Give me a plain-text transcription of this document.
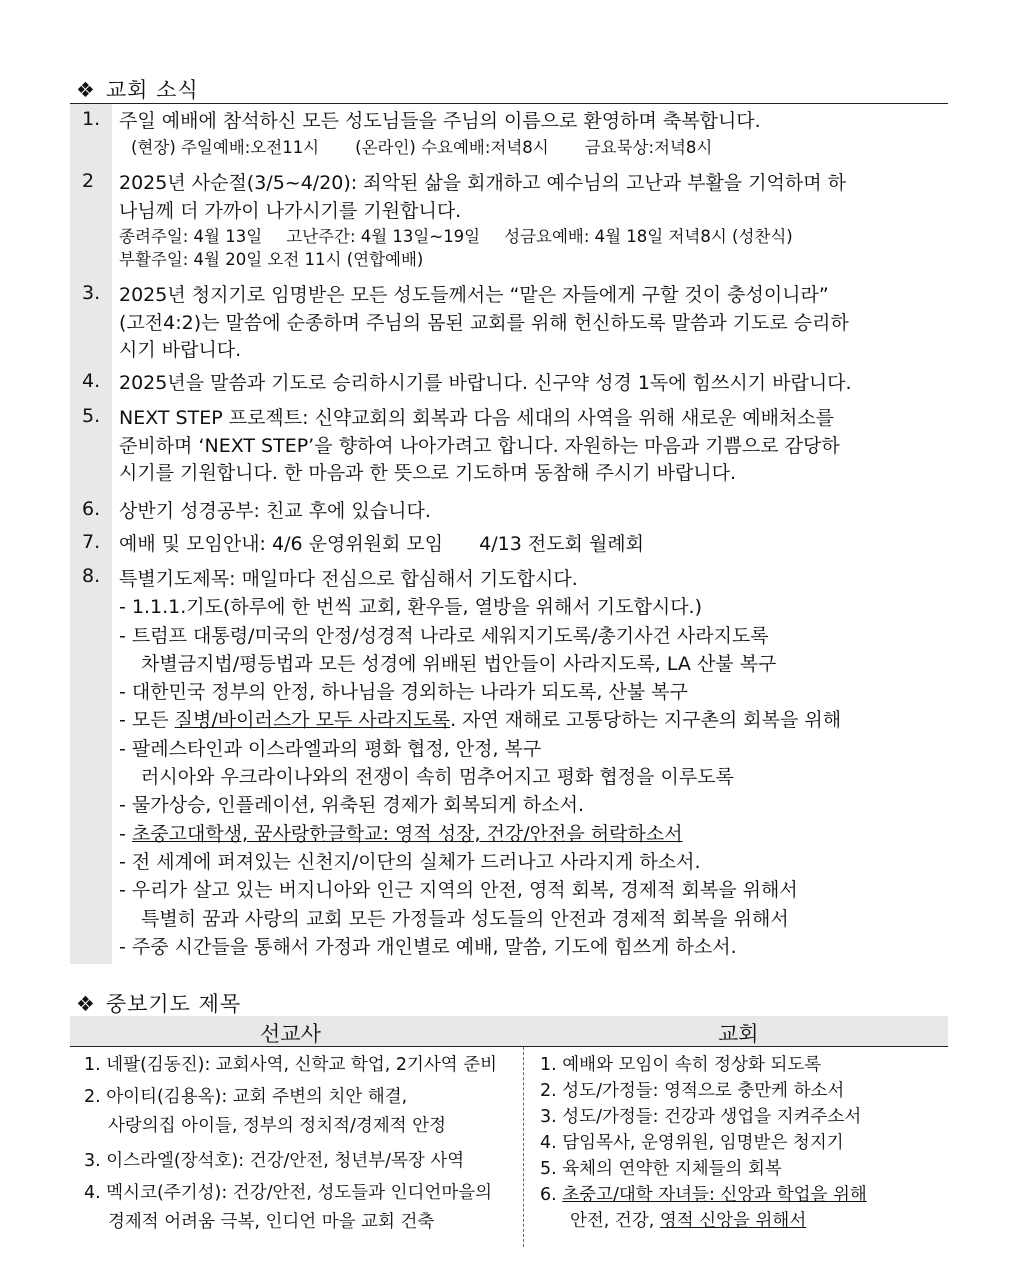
❖ 교회 소식
1. 주일 예배에 참석하신 모든 성도님들을 주님의 이름으로 환영하며 축복합니다.
(현장) 주일예배:오전11시 (온라인) 수요예배:저녁8시 금요묵상:저녁8시
2 2025년 사순절(3/5~4/20): 죄악된 삶을 회개하고 예수님의 고난과 부활을 기억하며 하
나님께 더 가까이 나가시기를 기원합니다.
종려주일: 4월 13일 고난주간: 4월 13일~19일 성금요예배: 4월 18일 저녁8시 (성찬식)
부활주일: 4월 20일 오전 11시 (연합예배)
3. 2025년 청지기로 임명받은 모든 성도들께서는 “맡은 자들에게 구할 것이 충성이니라”
(고전4:2)는 말씀에 순종하며 주님의 몸된 교회를 위해 헌신하도록 말씀과 기도로 승리하
시기 바랍니다.
4. 2025년을 말씀과 기도로 승리하시기를 바랍니다. 신구약 성경 1독에 힘쓰시기 바랍니다.
5. NEXT STEP 프로젝트: 신약교회의 회복과 다음 세대의 사역을 위해 새로운 예배처소를
준비하며 ‘NEXT STEP’을 향하여 나아가려고 합니다. 자원하는 마음과 기쁨으로 감당하
시기를 기원합니다. 한 마음과 한 뜻으로 기도하며 동참해 주시기 바랍니다.
6. 상반기 성경공부: 친교 후에 있습니다.
7. 예배 및 모임안내: 4/6 운영위원회 모임 4/13 전도회 월례회
8. 특별기도제목: 매일마다 전심으로 합심해서 기도합시다.
- 1.1.1.기도(하루에 한 번씩 교회, 환우들, 열방을 위해서 기도합시다.)
- 트럼프 대통령/미국의 안정/성경적 나라로 세워지기도록/총기사건 사라지도록
차별금지법/평등법과 모든 성경에 위배된 법안들이 사라지도록, LA 산불 복구
- 대한민국 정부의 안정, 하나님을 경외하는 나라가 되도록, 산불 복구
- 모든 질병/바이러스가 모두 사라지도록. 자연 재해로 고통당하는 지구촌의 회복을 위해
- 팔레스타인과 이스라엘과의 평화 협정, 안정, 복구
러시아와 우크라이나와의 전쟁이 속히 멈추어지고 평화 협정을 이루도록
- 물가상승, 인플레이션, 위축된 경제가 회복되게 하소서.
- 초중고대학생, 꿈사랑한글학교: 영적 성장, 건강/안전을 허락하소서
- 전 세계에 퍼져있는 신천지/이단의 실체가 드러나고 사라지게 하소서.
- 우리가 살고 있는 버지니아와 인근 지역의 안전, 영적 회복, 경제적 회복을 위해서
특별히 꿈과 사랑의 교회 모든 가정들과 성도들의 안전과 경제적 회복을 위해서
- 주중 시간들을 통해서 가정과 개인별로 예배, 말씀, 기도에 힘쓰게 하소서.
❖ 중보기도 제목
선교사	교회
1. 네팔(김동진): 교회사역, 신학교 학업, 2기사역 준비
2. 아이티(김용옥): 교회 주변의 치안 해결,
사랑의집 아이들, 정부의 정치적/경제적 안정
3. 이스라엘(장석호): 건강/안전, 청년부/목장 사역
4. 멕시코(주기성): 건강/안전, 성도들과 인디언마을의
경제적 어려움 극복, 인디언 마을 교회 건축
1. 예배와 모임이 속히 정상화 되도록
2. 성도/가정들: 영적으로 충만케 하소서
3. 성도/가정들: 건강과 생업을 지켜주소서
4. 담임목사, 운영위원, 임명받은 청지기
5. 육체의 연약한 지체들의 회복
6. 초중고/대학 자녀들: 신앙과 학업을 위해
안전, 건강, 영적 신앙을 위해서
